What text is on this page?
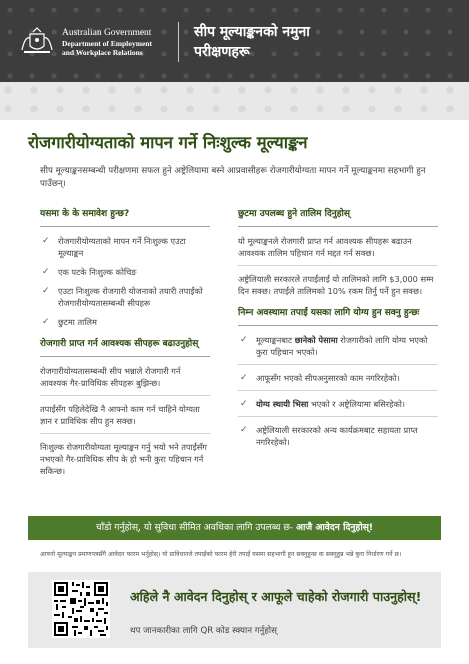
Australian Government
Department of Employment
and Workplace Relations
सीप मूल्याङ्कनको नमुना
परीक्षणहरू
रोजगारीयोग्यताको मापन गर्ने निःशुल्क मूल्याङ्कन
सीप मूल्याङ्कनसम्बन्धी परीक्षणमा सफल हुने अष्ट्रेलियामा बस्ने आप्रवासीहरू रोजगारीयोग्यता मापन गर्ने मूल्याङ्कनमा सहभागी हुन पाउँछन्।
यसमा के के समावेश हुन्छ?
✓ रोजगारीयोग्यताको मापन गर्ने निःशुल्क एउटा मूल्याङ्कन
✓ एक पटके निःशुल्क कोचिङ
✓ एउटा निःशुल्क रोजगारी योजनाको तयारी तपाईंको रोजगारीयोग्यतासम्बन्धी सीपहरू
✓ छुटमा तालिम
रोजगारी प्राप्त गर्न आवश्यक सीपहरू बढाउनुहोस्
रोजगारीयोग्यतासम्बन्धी सीप भन्नाले रोजगारी गर्न आवश्यक गैर-प्राविधिक सीपहरू बुझिन्छ।
तपाईंसँग पहिलेदेखि नै आफ्नो काम गर्न चाहिने योग्यता ज्ञान र प्राविधिक सीप हुन सक्छ।
निःशुल्क रोजगारीयोग्यता मूल्याङ्कन गर्नु भयो भने तपाईंसँग नभएको गैर-प्राविधिक सीप के हो भनी कुरा पहिचान गर्न सकिन्छ।
छुटमा उपलब्ध हुने तालिम दिनुहोस्
यो मूल्याङ्कनले रोजगारी प्राप्त गर्न आवश्यक सीपहरू बढाउन आवश्यक तालिम पहिचान गर्न मद्दत गर्न सक्छ।
अष्ट्रेलियाली सरकारले तपाईंलाई यो तालिमको लागि $3,000 सम्म दिन सक्छ। तपाईंले तालिमको 10% रकम तिर्नु पर्ने हुन सक्छ।
निम्न अवस्थामा तपाईं यसका लागि योग्य हुन सक्नु हुन्छः
✓ मूल्याङ्कनबाट छानेको पेसामा रोजगारीको लागि योग्य भएको कुरा पहिचान भएको।
✓ आफूसँग भएको सीपअनुसारको काम नगरिरहेको।
✓ योग्य स्थायी भिसा भएको र अष्ट्रेलियामा बसिरहेको।
✓ अष्ट्रेलियाली सरकारको अन्य कार्यक्रमबाट सहायता प्राप्त नगरिरहेको।
चाँडो गर्नुहोस्, यो सुविधा सीमित अवधिका लागि उपलब्ध छ- आजै आवेदन दिनुहोस्!
आफ्नो मूल्याङ्कन प्रमाणपत्रसँगै आवेदन फारम भर्नुहोस्। यो प्राविधानले तपाईंको फारम हेरी तपाईं यसमा सहभागी हुन सक्नुहुन्छ वा सक्नुहुन्न भन्ने कुरा निर्धारण गर्ने छ।
अहिले नै आवेदन दिनुहोस् र आफूले चाहेको रोजगारी पाउनुहोस्!
थप जानकारीका लागि QR कोड स्क्यान गर्नुहोस्
